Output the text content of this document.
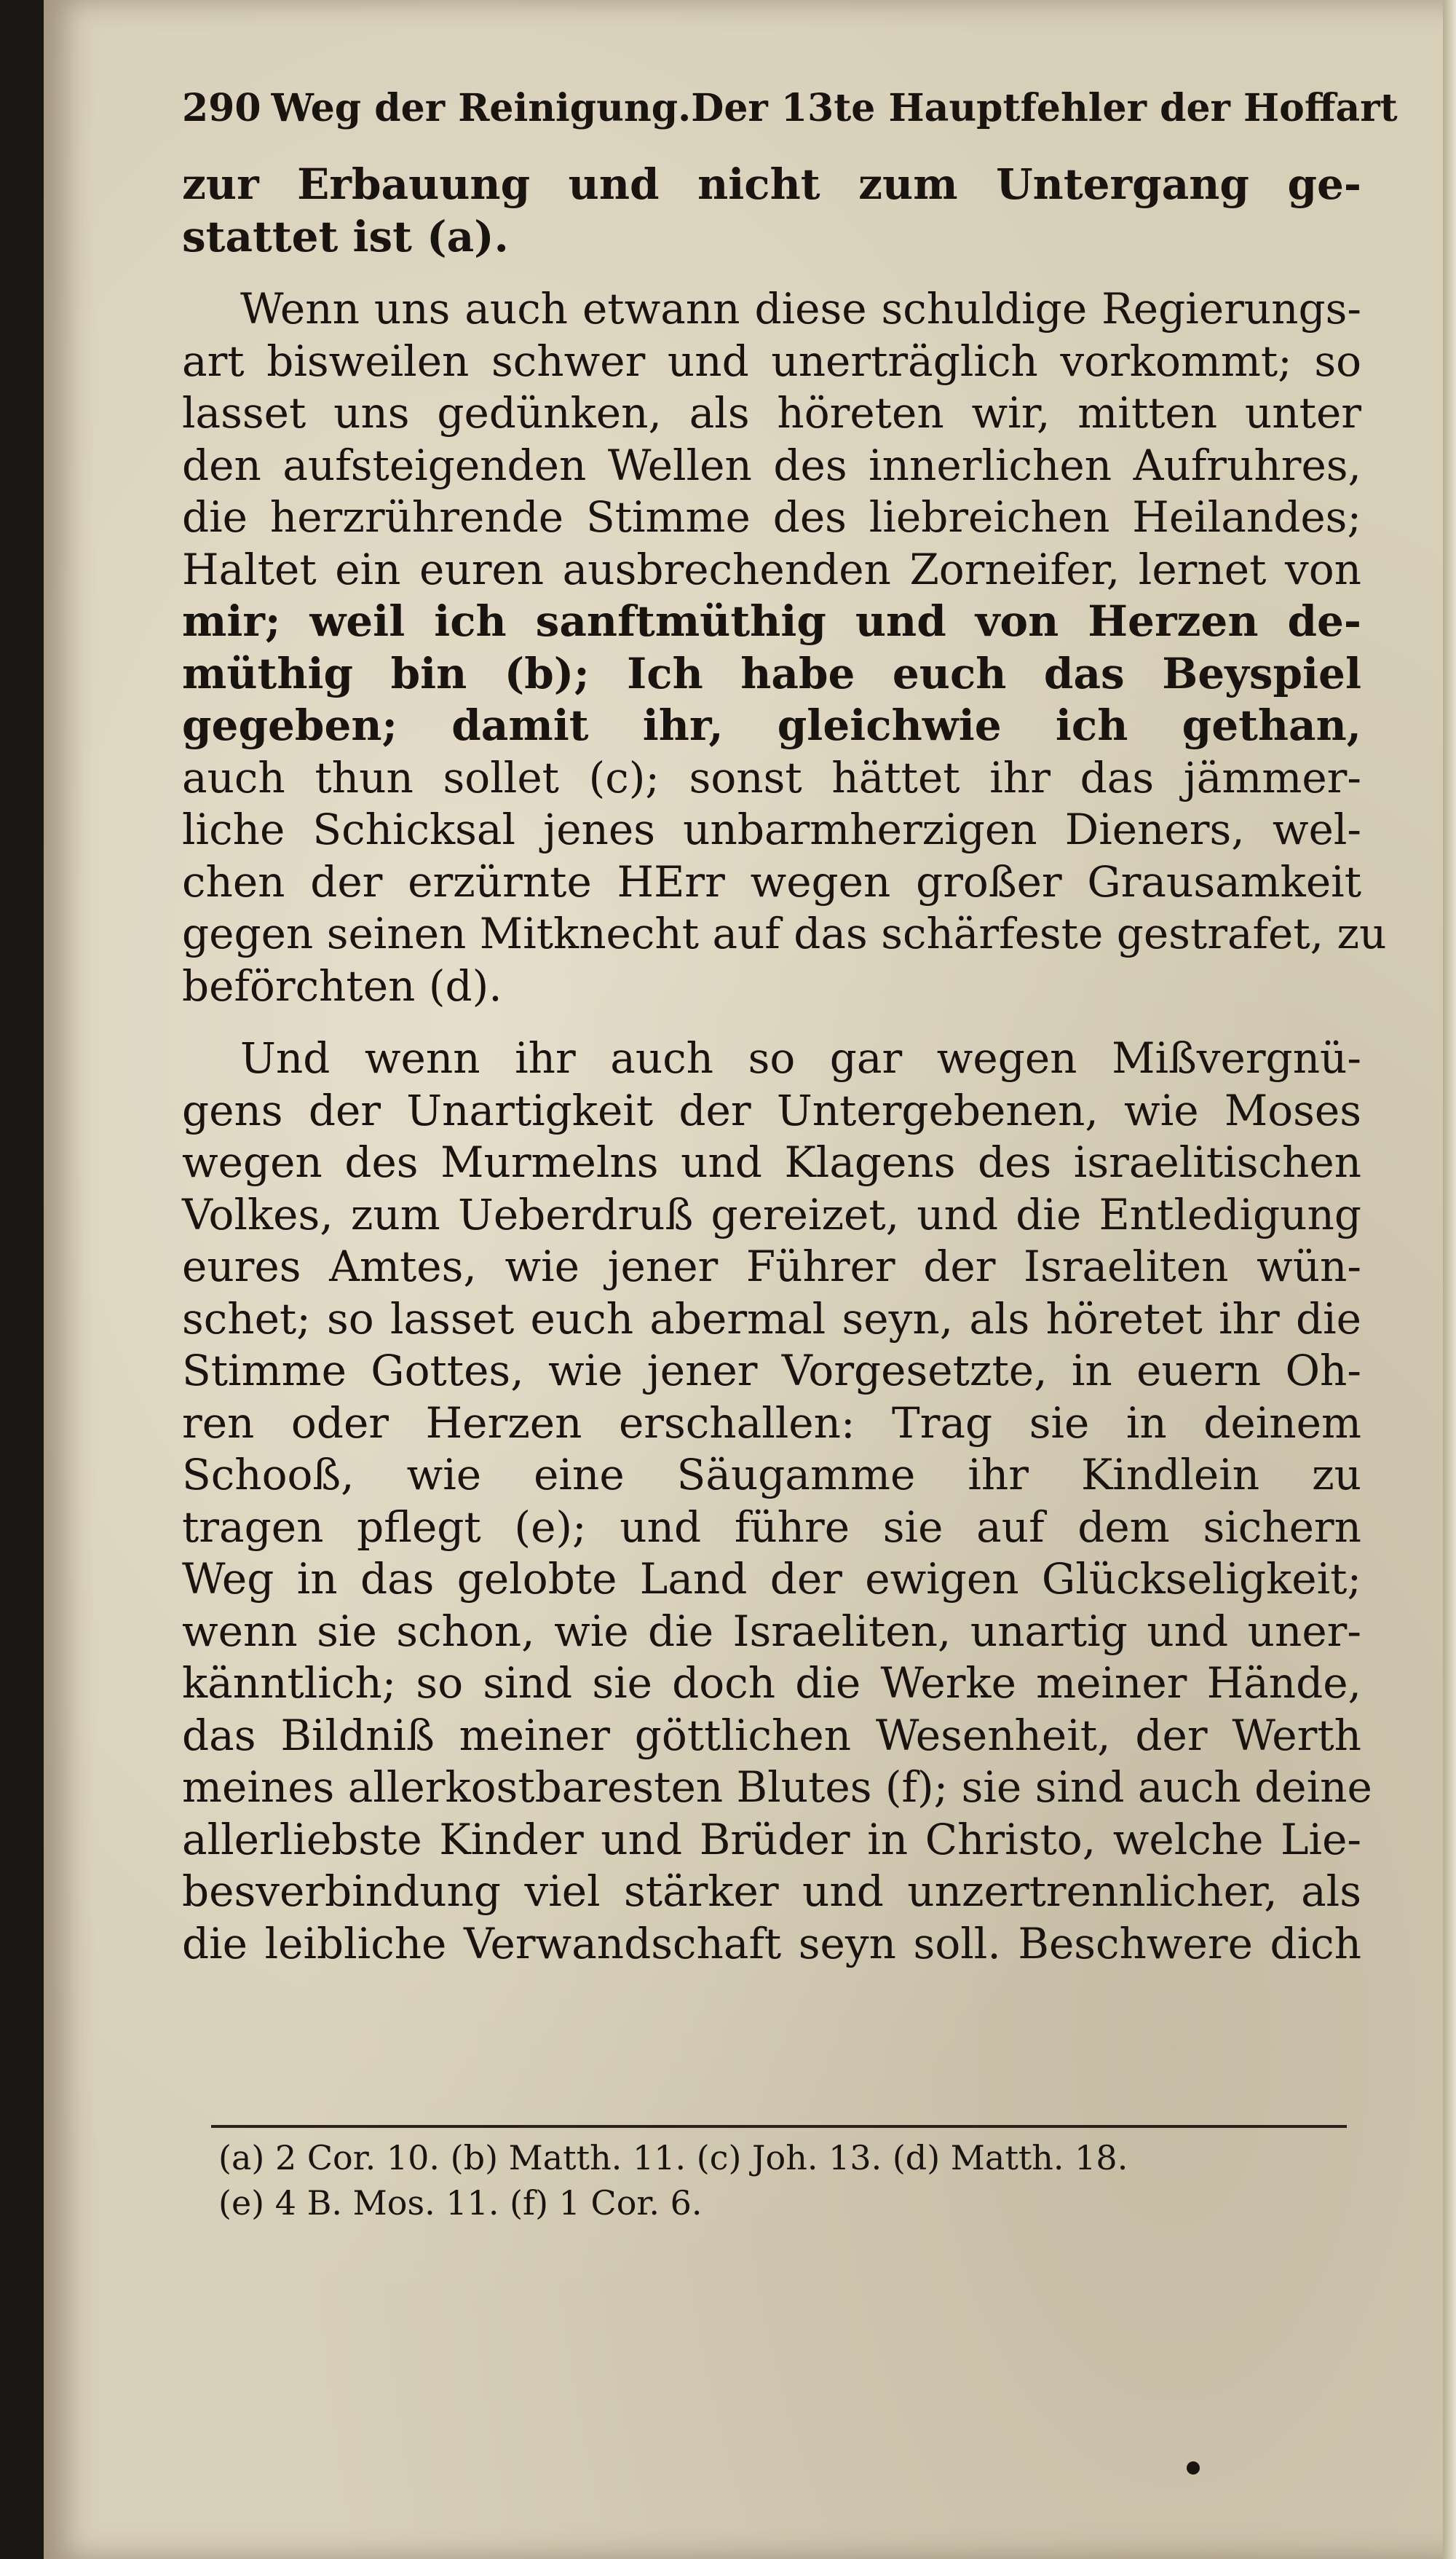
290 Weg der Reinigung. Der 13te Hauptfehler der Hoffart
zur Erbauung und nicht zum Untergang ge-
stattet ist (a).
Wenn uns auch etwann diese schuldige Regierungs-
art bisweilen schwer und unerträglich vorkommt; so
lasset uns gedünken, als höreten wir, mitten unter
den aufsteigenden Wellen des innerlichen Aufruhres,
die herzrührende Stimme des liebreichen Heilandes;
Haltet ein euren ausbrechenden Zorneifer, lernet von
mir; weil ich sanftmüthig und von Herzen de-
müthig bin (b); Ich habe euch das Beyspiel
gegeben; damit ihr, gleichwie ich gethan,
auch thun sollet (c); sonst hättet ihr das jämmer-
liche Schicksal jenes unbarmherzigen Dieners, wel-
chen der erzürnte HErr wegen großer Grausamkeit
gegen seinen Mitknecht auf das schärfeste gestrafet, zu
beförchten (d).
Und wenn ihr auch so gar wegen Mißvergnü-
gens der Unartigkeit der Untergebenen, wie Moses
wegen des Murmelns und Klagens des israelitischen
Volkes, zum Ueberdruß gereizet, und die Entledigung
eures Amtes, wie jener Führer der Israeliten wün-
schet; so lasset euch abermal seyn, als höretet ihr die
Stimme Gottes, wie jener Vorgesetzte, in euern Oh-
ren oder Herzen erschallen: Trag sie in deinem
Schooß, wie eine Säugamme ihr Kindlein zu
tragen pflegt (e); und führe sie auf dem sichern
Weg in das gelobte Land der ewigen Glückseligkeit;
wenn sie schon, wie die Israeliten, unartig und uner-
känntlich; so sind sie doch die Werke meiner Hände,
das Bildniß meiner göttlichen Wesenheit, der Werth
meines allerkostbaresten Blutes (f); sie sind auch deine
allerliebste Kinder und Brüder in Christo, welche Lie-
besverbindung viel stärker und unzertrennlicher, als
die leibliche Verwandschaft seyn soll. Beschwere dich
(a) 2 Cor. 10. (b) Matth. 11. (c) Joh. 13. (d) Matth. 18.
(e) 4 B. Mos. 11. (f) 1 Cor. 6.
